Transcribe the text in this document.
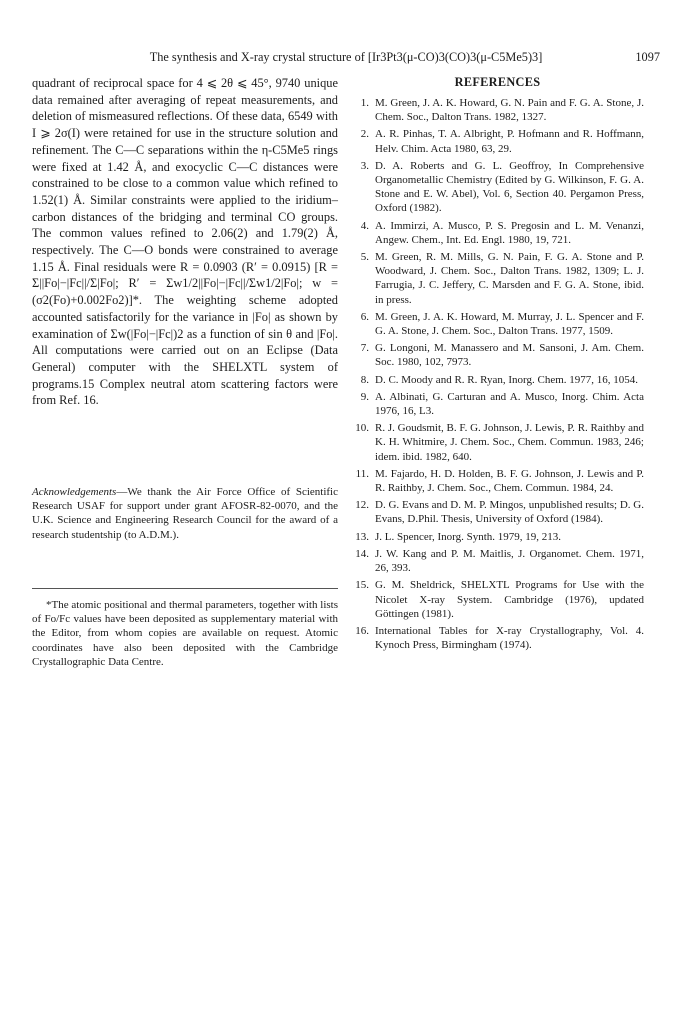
The synthesis and X-ray crystal structure of [Ir3Pt3(μ-CO)3(CO)3(μ-C5Me5)3]	1097

quadrant of reciprocal space for 4 ⩽ 2θ ⩽ 45°, 9740 unique data remained after averaging of repeat measurements, and deletion of mismeasured reflections. Of these data, 6549 with I ⩾ 2σ(I) were retained for use in the structure solution and refinement. The C—C separations within the η-C5Me5 rings were fixed at 1.42 Å, and exocyclic C—C distances were constrained to be close to a common value which refined to 1.52(1) Å. Similar constraints were applied to the iridium–carbon distances of the bridging and terminal CO groups. The common values refined to 2.06(2) and 1.79(2) Å, respectively. The C—O bonds were constrained to average 1.15 Å. Final residuals were R = 0.0903 (R′ = 0.0915) [R = Σ||Fo|−|Fc||/Σ|Fo|; R′ = Σw1/2||Fo|−|Fc||/Σw1/2|Fo|; w = (σ2(Fo)+0.002Fo2)]*. The weighting scheme adopted accounted satisfactorily for the variance in |Fo| as shown by examination of Σw(|Fo|−|Fc|)2 as a function of sin θ and |Fo|. All computations were carried out on an Eclipse (Data General) computer with the SHELXTL system of programs.15 Complex neutral atom scattering factors were from Ref. 16.

Acknowledgements—We thank the Air Force Office of Scientific Research USAF for support under grant AFOSR-82-0070, and the U.K. Science and Engineering Research Council for the award of a research studentship (to A.D.M.).

*The atomic positional and thermal parameters, together with lists of Fo/Fc values have been deposited as supplementary material with the Editor, from whom copies are available on request. Atomic coordinates have also been deposited with the Cambridge Crystallographic Data Centre.

REFERENCES
1. M. Green, J. A. K. Howard, G. N. Pain and F. G. A. Stone, J. Chem. Soc., Dalton Trans. 1982, 1327.
2. A. R. Pinhas, T. A. Albright, P. Hofmann and R. Hoffmann, Helv. Chim. Acta 1980, 63, 29.
3. D. A. Roberts and G. L. Geoffroy, In Comprehensive Organometallic Chemistry (Edited by G. Wilkinson, F. G. A. Stone and E. W. Abel), Vol. 6, Section 40. Pergamon Press, Oxford (1982).
4. A. Immirzi, A. Musco, P. S. Pregosin and L. M. Venanzi, Angew. Chem., Int. Ed. Engl. 1980, 19, 721.
5. M. Green, R. M. Mills, G. N. Pain, F. G. A. Stone and P. Woodward, J. Chem. Soc., Dalton Trans. 1982, 1309; L. J. Farrugia, J. C. Jeffery, C. Marsden and F. G. A. Stone, ibid. in press.
6. M. Green, J. A. K. Howard, M. Murray, J. L. Spencer and F. G. A. Stone, J. Chem. Soc., Dalton Trans. 1977, 1509.
7. G. Longoni, M. Manassero and M. Sansoni, J. Am. Chem. Soc. 1980, 102, 7973.
8. D. C. Moody and R. R. Ryan, Inorg. Chem. 1977, 16, 1054.
9. A. Albinati, G. Carturan and A. Musco, Inorg. Chim. Acta 1976, 16, L3.
10. R. J. Goudsmit, B. F. G. Johnson, J. Lewis, P. R. Raithby and K. H. Whitmire, J. Chem. Soc., Chem. Commun. 1983, 246; idem. ibid. 1982, 640.
11. M. Fajardo, H. D. Holden, B. F. G. Johnson, J. Lewis and P. R. Raithby, J. Chem. Soc., Chem. Commun. 1984, 24.
12. D. G. Evans and D. M. P. Mingos, unpublished results; D. G. Evans, D.Phil. Thesis, University of Oxford (1984).
13. J. L. Spencer, Inorg. Synth. 1979, 19, 213.
14. J. W. Kang and P. M. Maitlis, J. Organomet. Chem. 1971, 26, 393.
15. G. M. Sheldrick, SHELXTL Programs for Use with the Nicolet X-ray System. Cambridge (1976), updated Göttingen (1981).
16. International Tables for X-ray Crystallography, Vol. 4. Kynoch Press, Birmingham (1974).
